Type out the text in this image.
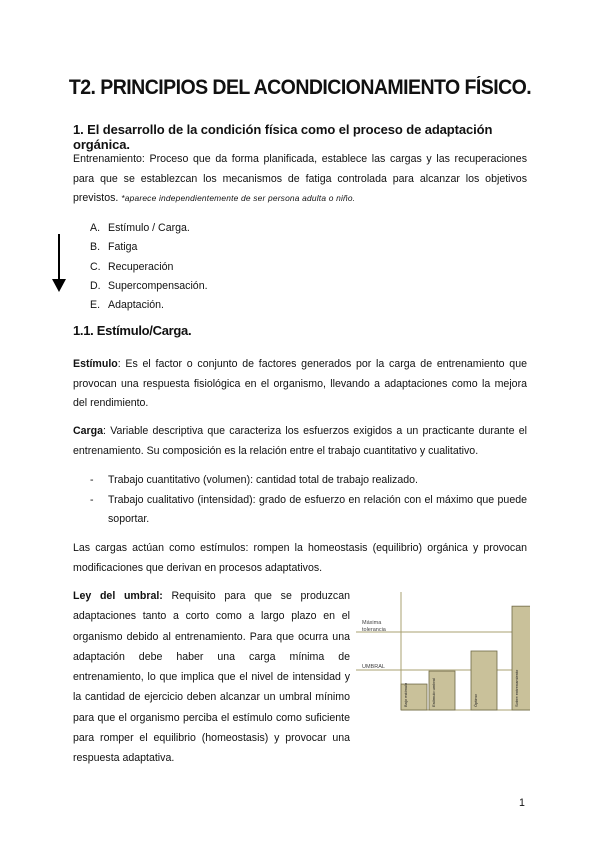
T2. PRINCIPIOS DEL ACONDICIONAMIENTO FÍSICO.
1. El desarrollo de la condición física como el proceso de adaptación orgánica.
Entrenamiento: Proceso que da forma planificada, establece las cargas y las recuperaciones para que se establezcan los mecanismos de fatiga controlada para alcanzar los objetivos previstos. *aparece independientemente de ser persona adulta o niño.
A. Estímulo / Carga.
B. Fatiga
C. Recuperación
D. Supercompensación.
E. Adaptación.
1.1. Estímulo/Carga.
Estímulo: Es el factor o conjunto de factores generados por la carga de entrenamiento que provocan una respuesta fisiológica en el organismo, llevando a adaptaciones como la mejora del rendimiento.
Carga: Variable descriptiva que caracteriza los esfuerzos exigidos a un practicante durante el entrenamiento. Su composición es la relación entre el trabajo cuantitativo y cualitativo.
- Trabajo cuantitativo (volumen): cantidad total de trabajo realizado.
- Trabajo cualitativo (intensidad): grado de esfuerzo en relación con el máximo que puede soportar.
Las cargas actúan como estímulos: rompen la homeostasis (equilibrio) orgánica y provocan modificaciones que derivan en procesos adaptativos.
Ley del umbral: Requisito para que se produzcan adaptaciones tanto a corto como a largo plazo en el organismo debido al entrenamiento. Para que ocurra una adaptación debe haber una carga mínima de entrenamiento, lo que implica que el nivel de intensidad y la cantidad de ejercicio deben alcanzar un umbral mínimo para que el organismo perciba el estímulo como suficiente para romper el equilibrio (homeostasis) y provocar una respuesta adaptativa.
Máxima
tolerancia
UMBRAL
Bajo estímulo	Estímulo umbral	Óptimo	Sobre entrenamiento
1
